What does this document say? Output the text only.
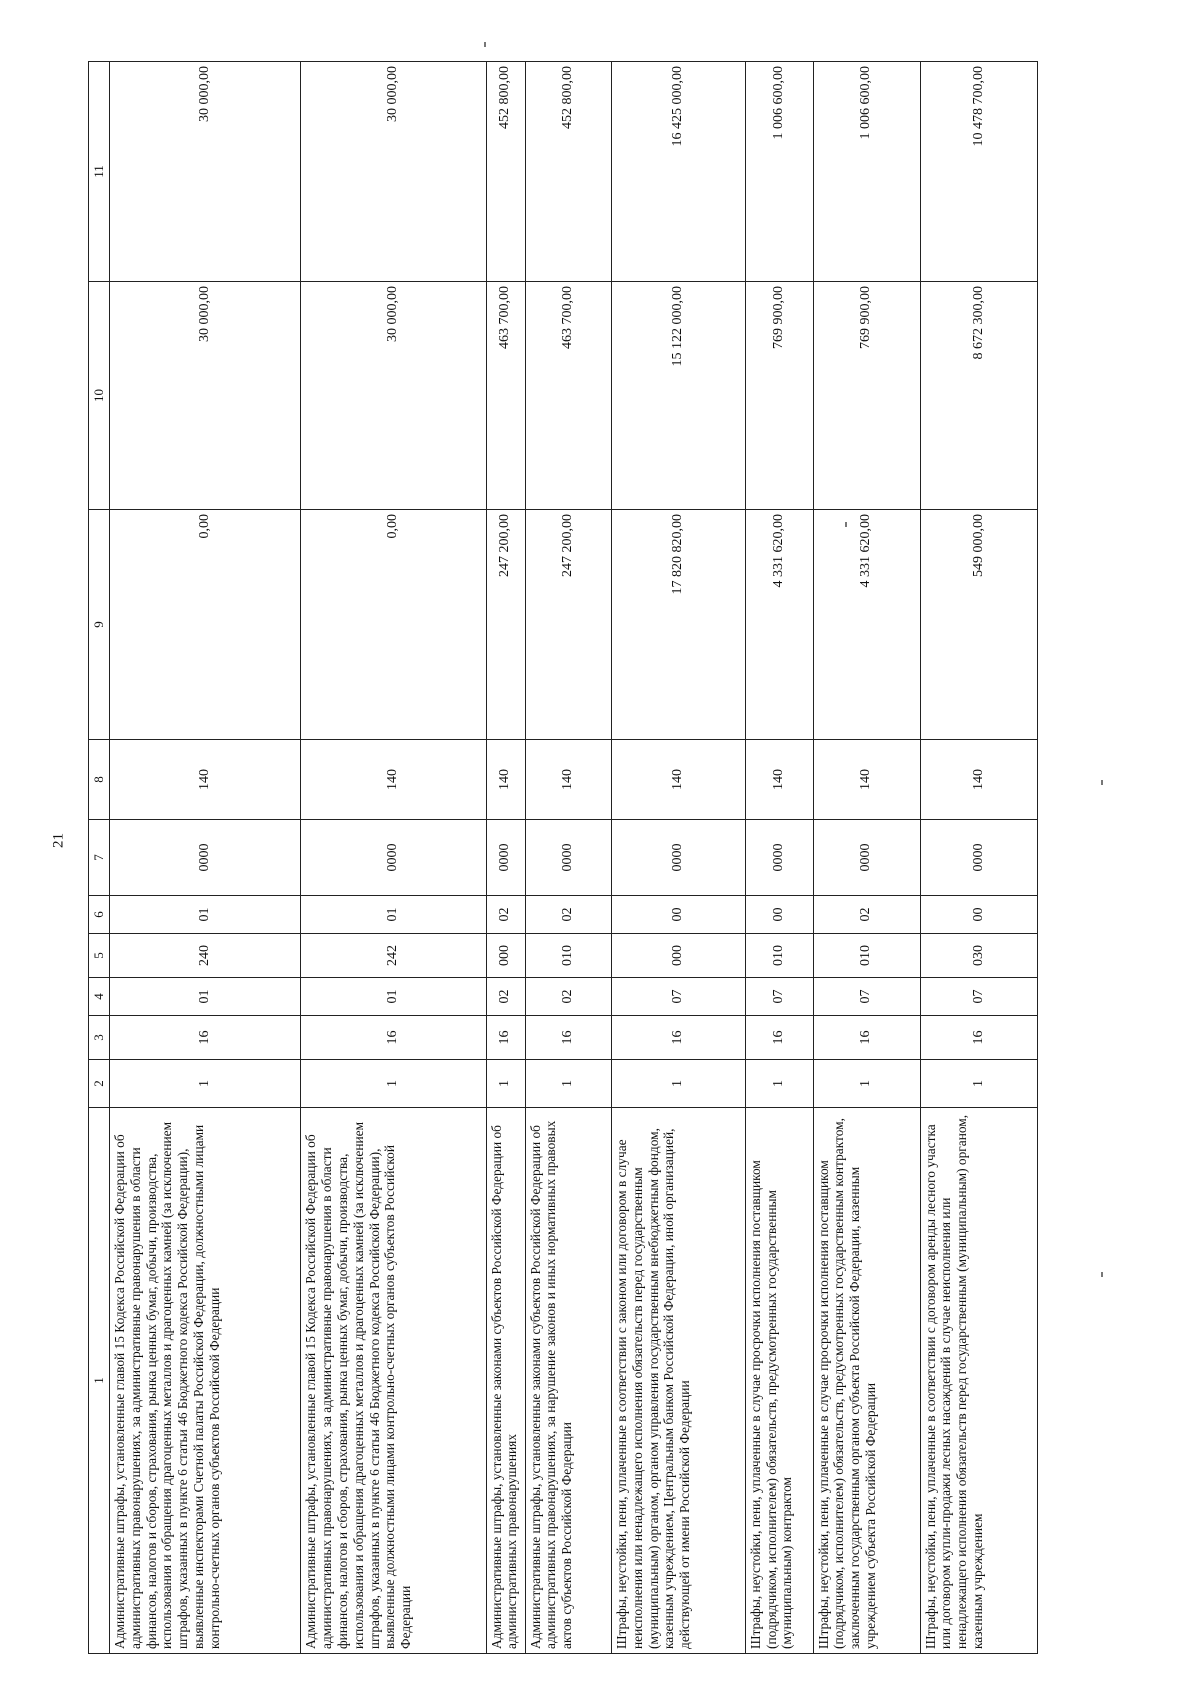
21
1	2	3	4	5	6	7	8	9	10	11
Административные штрафы, установленные главой 15 Кодекса Российской Федерации об административных правонарушениях, за административные правонарушения в области финансов, налогов и сборов, страхования, рынка ценных бумаг, добычи, производства, использования и обращения драгоценных металлов и драгоценных камней (за исключением штрафов, указанных в пункте 6 статьи 46 Бюджетного кодекса Российской Федерации), выявленные инспекторами Счетной палаты Российской Федерации, должностными лицами контрольно-счетных органов субъектов Российской Федерации	1	16	01	240	01	0000	140	0,00	30 000,00	30 000,00
Административные штрафы, установленные главой 15 Кодекса Российской Федерации об административных правонарушениях, за административные правонарушения в области финансов, налогов и сборов, страхования, рынка ценных бумаг, добычи, производства, использования и обращения драгоценных металлов и драгоценных камней (за исключением штрафов, указанных в пункте 6 статьи 46 Бюджетного кодекса Российской Федерации), выявленные должностными лицами контрольно-счетных органов субъектов Российской Федерации	1	16	01	242	01	0000	140	0,00	30 000,00	30 000,00
Административные штрафы, установленные законами субъектов Российской Федерации об административных правонарушениях	1	16	02	000	02	0000	140	247 200,00	463 700,00	452 800,00
Административные штрафы, установленные законами субъектов Российской Федерации об административных правонарушениях, за нарушение законов и иных нормативных правовых актов субъектов Российской Федерации	1	16	02	010	02	0000	140	247 200,00	463 700,00	452 800,00
Штрафы, неустойки, пени, уплаченные в соответствии с законом или договором в случае неисполнения или ненадлежащего исполнения обязательств перед государственным (муниципальным) органом, органом управления государственным внебюджетным фондом, казенным учреждением, Центральным банком Российской Федерации, иной организацией, действующей от имени Российской Федерации	1	16	07	000	00	0000	140	17 820 820,00	15 122 000,00	16 425 000,00
Штрафы, неустойки, пени, уплаченные в случае просрочки исполнения поставщиком (подрядчиком, исполнителем) обязательств, предусмотренных государственным (муниципальным) контрактом	1	16	07	010	00	0000	140	4 331 620,00	769 900,00	1 006 600,00
Штрафы, неустойки, пени, уплаченные в случае просрочки исполнения поставщиком (подрядчиком, исполнителем) обязательств, предусмотренных государственным контрактом, заключенным государственным органом субъекта Российской Федерации, казенным учреждением субъекта Российской Федерации	1	16	07	010	02	0000	140	4 331 620,00	769 900,00	1 006 600,00
Штрафы, неустойки, пени, уплаченные в соответствии с договором аренды лесного участка или договором купли-продажи лесных насаждений в случае неисполнения или ненадлежащего исполнения обязательств перед государственным (муниципальным) органом, казенным учреждением	1	16	07	030	00	0000	140	549 000,00	8 672 300,00	10 478 700,00
